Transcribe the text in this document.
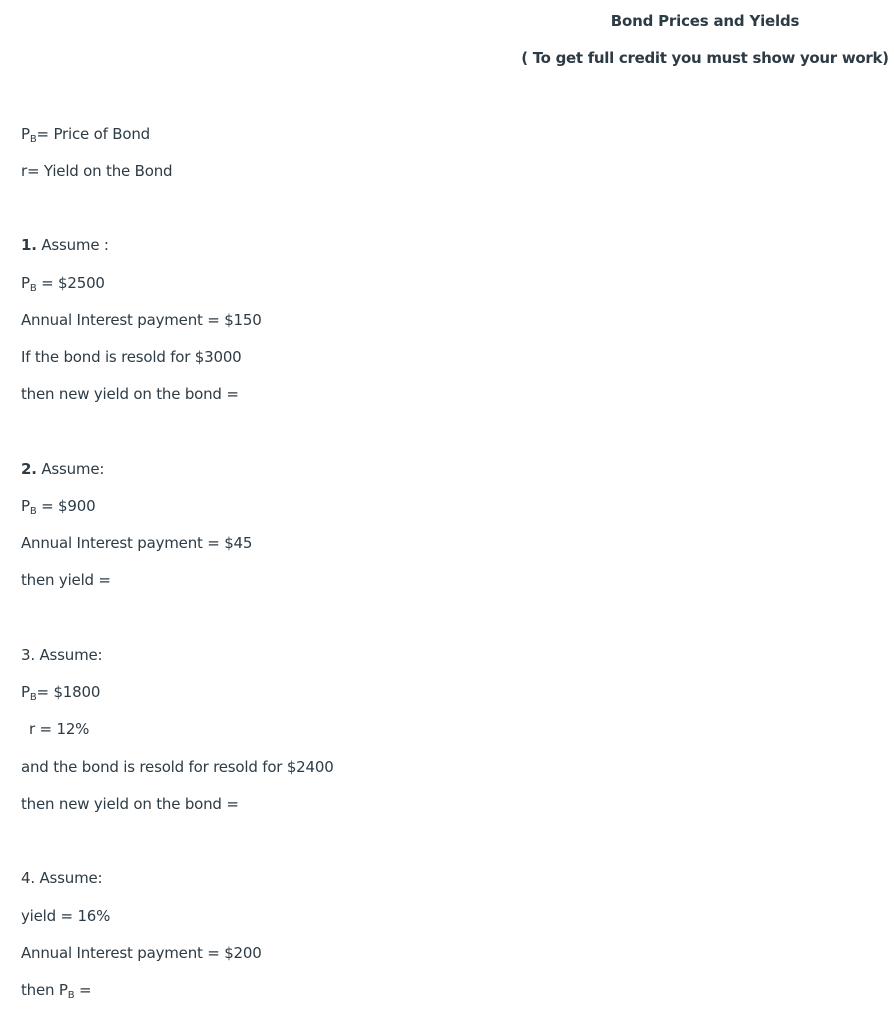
Bond Prices and Yields

( To get full credit you must show your work)

$P_B=$ Price of Bond
r= Yield on the Bond
1. Assume :
$P_B$ = $2500
Annual Interest payment = $150
If the bond is resold for $3000
then new yield on the bond =
2. Assume:
$P_B$ = $900
Annual Interest payment = $45
then yield =
3. Assume:
$P_B=$ $1800
r = 12%
and the bond is resold for resold for $2400
then new yield on the bond =
4. Assume:
yield = 16%
Annual Interest payment = $200
then $P_B$ =
